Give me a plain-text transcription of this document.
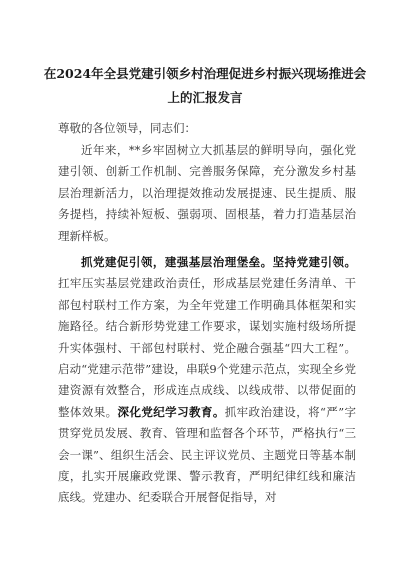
在2024年全县党建引领乡村治理促进乡村振兴现场推进会
上的汇报发言
尊敬的各位领导，同志们：
近年来，**乡牢固树立大抓基层的鲜明导向，强化党建引领、创新工作机制、完善服务保障，充分激发乡村基层治理新活力，以治理提效推动发展提速、民生提质、服务提档，持续补短板、强弱项、固根基，着力打造基层治理新样板。
抓党建促引领，建强基层治理堡垒。坚持党建引领。扛牢压实基层党建政治责任，形成基层党建任务清单、干部包村联村工作方案，为全年党建工作明确具体框架和实施路径。结合新形势党建工作要求，谋划实施村级场所提升实体强村、干部包村联村、党企融合强基“四大工程”。启动“党建示范带”建设，串联9个党建示范点，实现全乡党建资源有效整合，形成连点成线、以线成带、以带促面的整体效果。深化党纪学习教育。抓牢政治建设，将“严”字贯穿党员发展、教育、管理和监督各个环节，严格执行“三会一课”、组织生活会、民主评议党员、主题党日等基本制度，扎实开展廉政党课、警示教育，严明纪律红线和廉洁底线。党建办、纪委联合开展督促指导，对
